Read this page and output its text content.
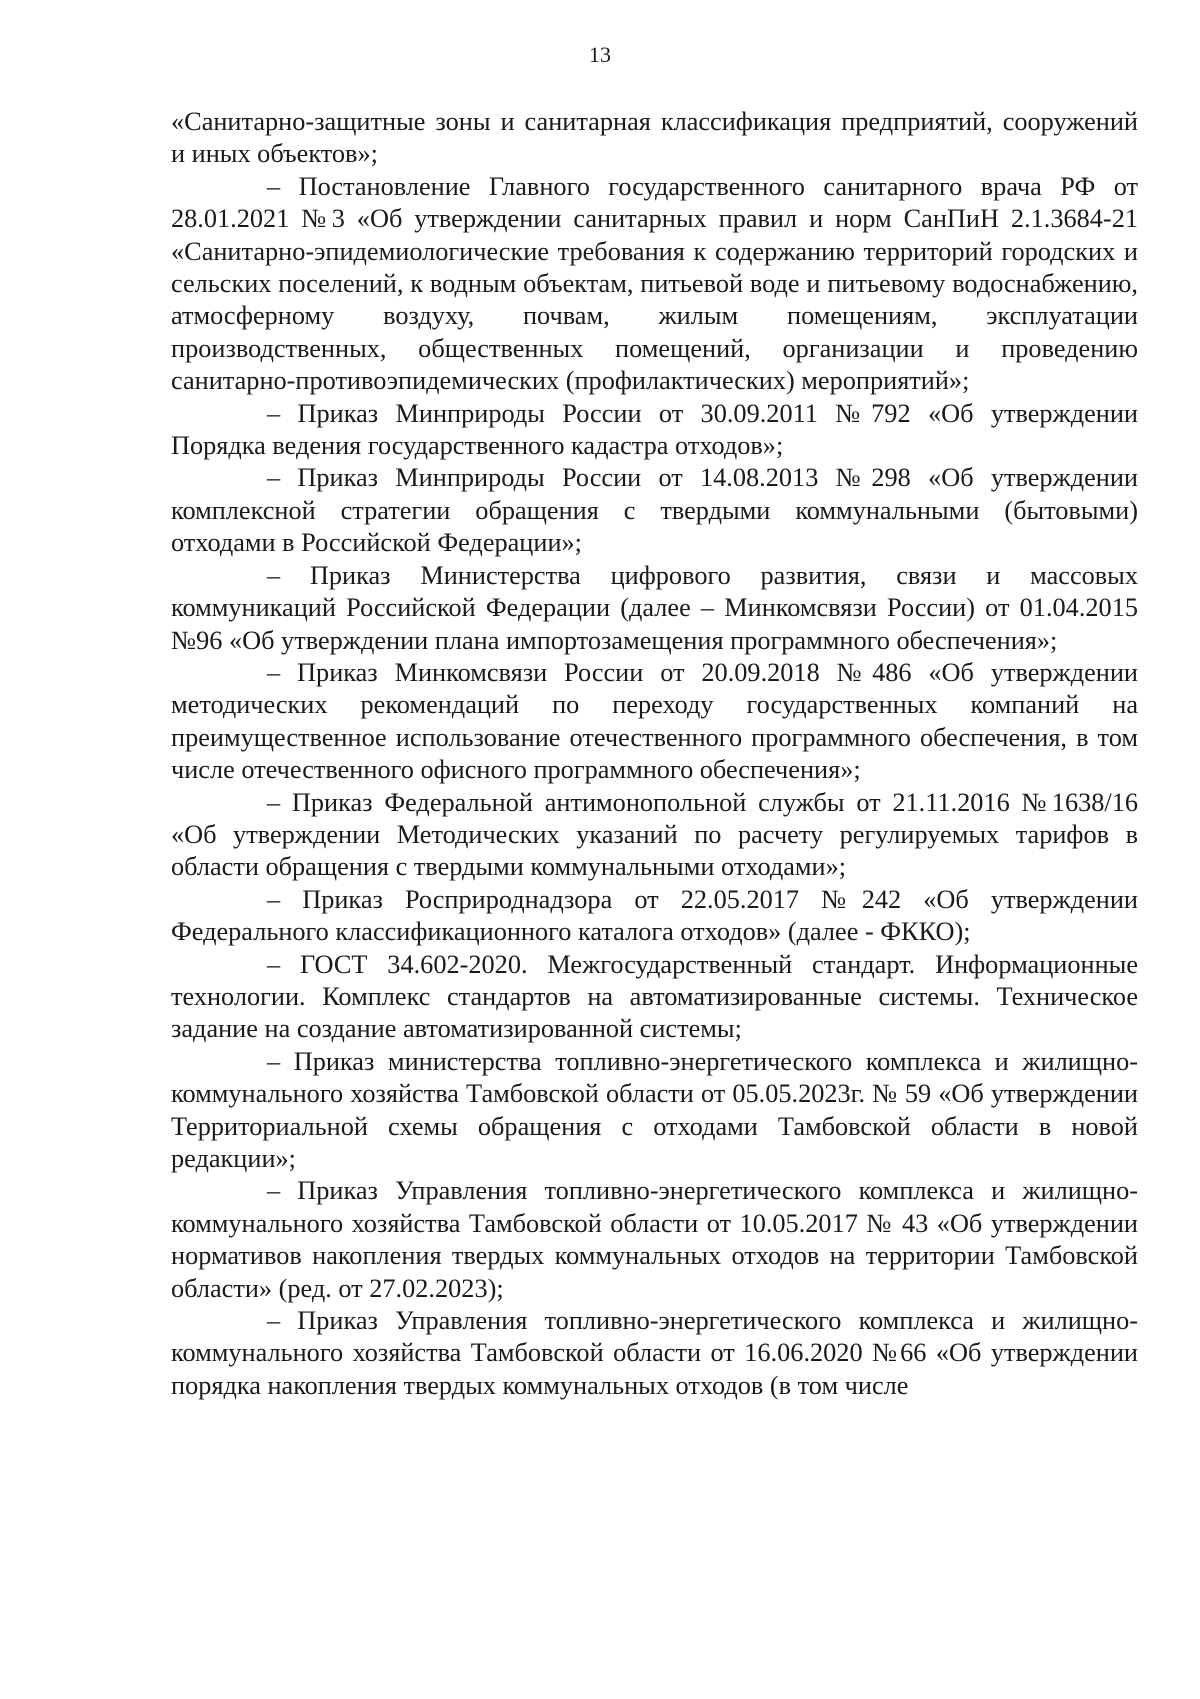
13

«Санитарно-защитные зоны и санитарная классификация предприятий, сооружений и иных объектов»;

– Постановление Главного государственного санитарного врача РФ от 28.01.2021 №3 «Об утверждении санитарных правил и норм СанПиН 2.1.3684-21 «Санитарно-эпидемиологические требования к содержанию территорий городских и сельских поселений, к водным объектам, питьевой воде и питьевому водоснабжению, атмосферному воздуху, почвам, жилым помещениям, эксплуатации производственных, общественных помещений, организации и проведению санитарно-противоэпидемических (профилактических) мероприятий»;

– Приказ Минприроды России от 30.09.2011 №792 «Об утверждении Порядка ведения государственного кадастра отходов»;

– Приказ Минприроды России от 14.08.2013 №298 «Об утверждении комплексной стратегии обращения с твердыми коммунальными (бытовыми) отходами в Российской Федерации»;

– Приказ Министерства цифрового развития, связи и массовых коммуникаций Российской Федерации (далее – Минкомсвязи России) от 01.04.2015 №96 «Об утверждении плана импортозамещения программного обеспечения»;

– Приказ Минкомсвязи России от 20.09.2018 №486 «Об утверждении методических рекомендаций по переходу государственных компаний на преимущественное использование отечественного программного обеспечения, в том числе отечественного офисного программного обеспечения»;

– Приказ Федеральной антимонопольной службы от 21.11.2016 №1638/16 «Об утверждении Методических указаний по расчету регулируемых тарифов в области обращения с твердыми коммунальными отходами»;

– Приказ Росприроднадзора от 22.05.2017 №242 «Об утверждении Федерального классификационного каталога отходов» (далее - ФККО);

– ГОСТ 34.602-2020. Межгосударственный стандарт. Информационные технологии. Комплекс стандартов на автоматизированные системы. Техническое задание на создание автоматизированной системы;

– Приказ министерства топливно-энергетического комплекса и жилищно-коммунального хозяйства Тамбовской области от 05.05.2023г. № 59 «Об утверждении Территориальной схемы обращения с отходами Тамбовской области в новой редакции»;

– Приказ Управления топливно-энергетического комплекса и жилищно-коммунального хозяйства Тамбовской области от 10.05.2017 № 43 «Об утверждении нормативов накопления твердых коммунальных отходов на территории Тамбовской области» (ред. от 27.02.2023);

– Приказ Управления топливно-энергетического комплекса и жилищно-коммунального хозяйства Тамбовской области от 16.06.2020 №66 «Об утверждении порядка накопления твердых коммунальных отходов (в том числе
